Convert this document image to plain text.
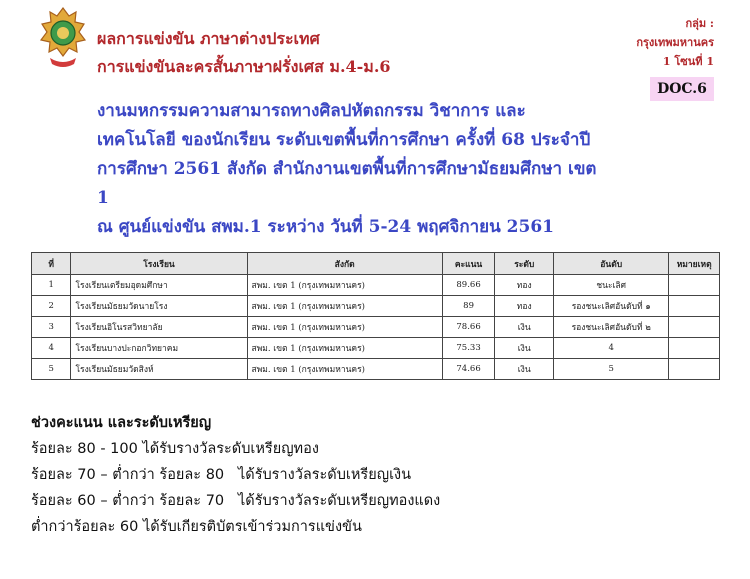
ผลการแข่งขัน ภาษาต่างประเทศ
การแข่งขันละครสั้นภาษาฝรั่งเศส ม.4-ม.6
กลุ่ม :
กรุงเทพมหานคร
1 โซนที่ 1
DOC.6
งานมหกรรมความสามารถทางศิลปหัตถกรรม วิชาการ และ
เทคโนโลยี ของนักเรียน ระดับเขตพื้นที่การศึกษา ครั้งที่ 68 ประจำปี
การศึกษา 2561 สังกัด สำนักงานเขตพื้นที่การศึกษามัธยมศึกษา เขต
1
ณ ศูนย์แข่งขัน สพม.1 ระหว่าง วันที่ 5-24 พฤศจิกายน 2561
ที่	โรงเรียน	สังกัด	คะแนน	ระดับ	อันดับ	หมายเหตุ
1	โรงเรียนเตรียมอุดมศึกษา	สพม. เขต 1 (กรุงเทพมหานคร)	89.66	ทอง	ชนะเลิศ	
2	โรงเรียนมัธยมวัดนายโรง	สพม. เขต 1 (กรุงเทพมหานคร)	89	ทอง	รองชนะเลิศอันดับที่ ๑	
3	โรงเรียนอิโนรสวิทยาลัย	สพม. เขต 1 (กรุงเทพมหานคร)	78.66	เงิน	รองชนะเลิศอันดับที่ ๒	
4	โรงเรียนบางปะกอกวิทยาคม	สพม. เขต 1 (กรุงเทพมหานคร)	75.33	เงิน	4	
5	โรงเรียนมัธยมวัดสิงห์	สพม. เขต 1 (กรุงเทพมหานคร)	74.66	เงิน	5	
ช่วงคะแนน และระดับเหรียญ
ร้อยละ 80 - 100 ได้รับรางวัลระดับเหรียญทอง
ร้อยละ 70 – ต่ำกว่า ร้อยละ 80   ได้รับรางวัลระดับเหรียญเงิน
ร้อยละ 60 – ต่ำกว่า ร้อยละ 70   ได้รับรางวัลระดับเหรียญทองแดง
ต่ำกว่าร้อยละ 60 ได้รับเกียรติบัตรเข้าร่วมการแข่งขัน
